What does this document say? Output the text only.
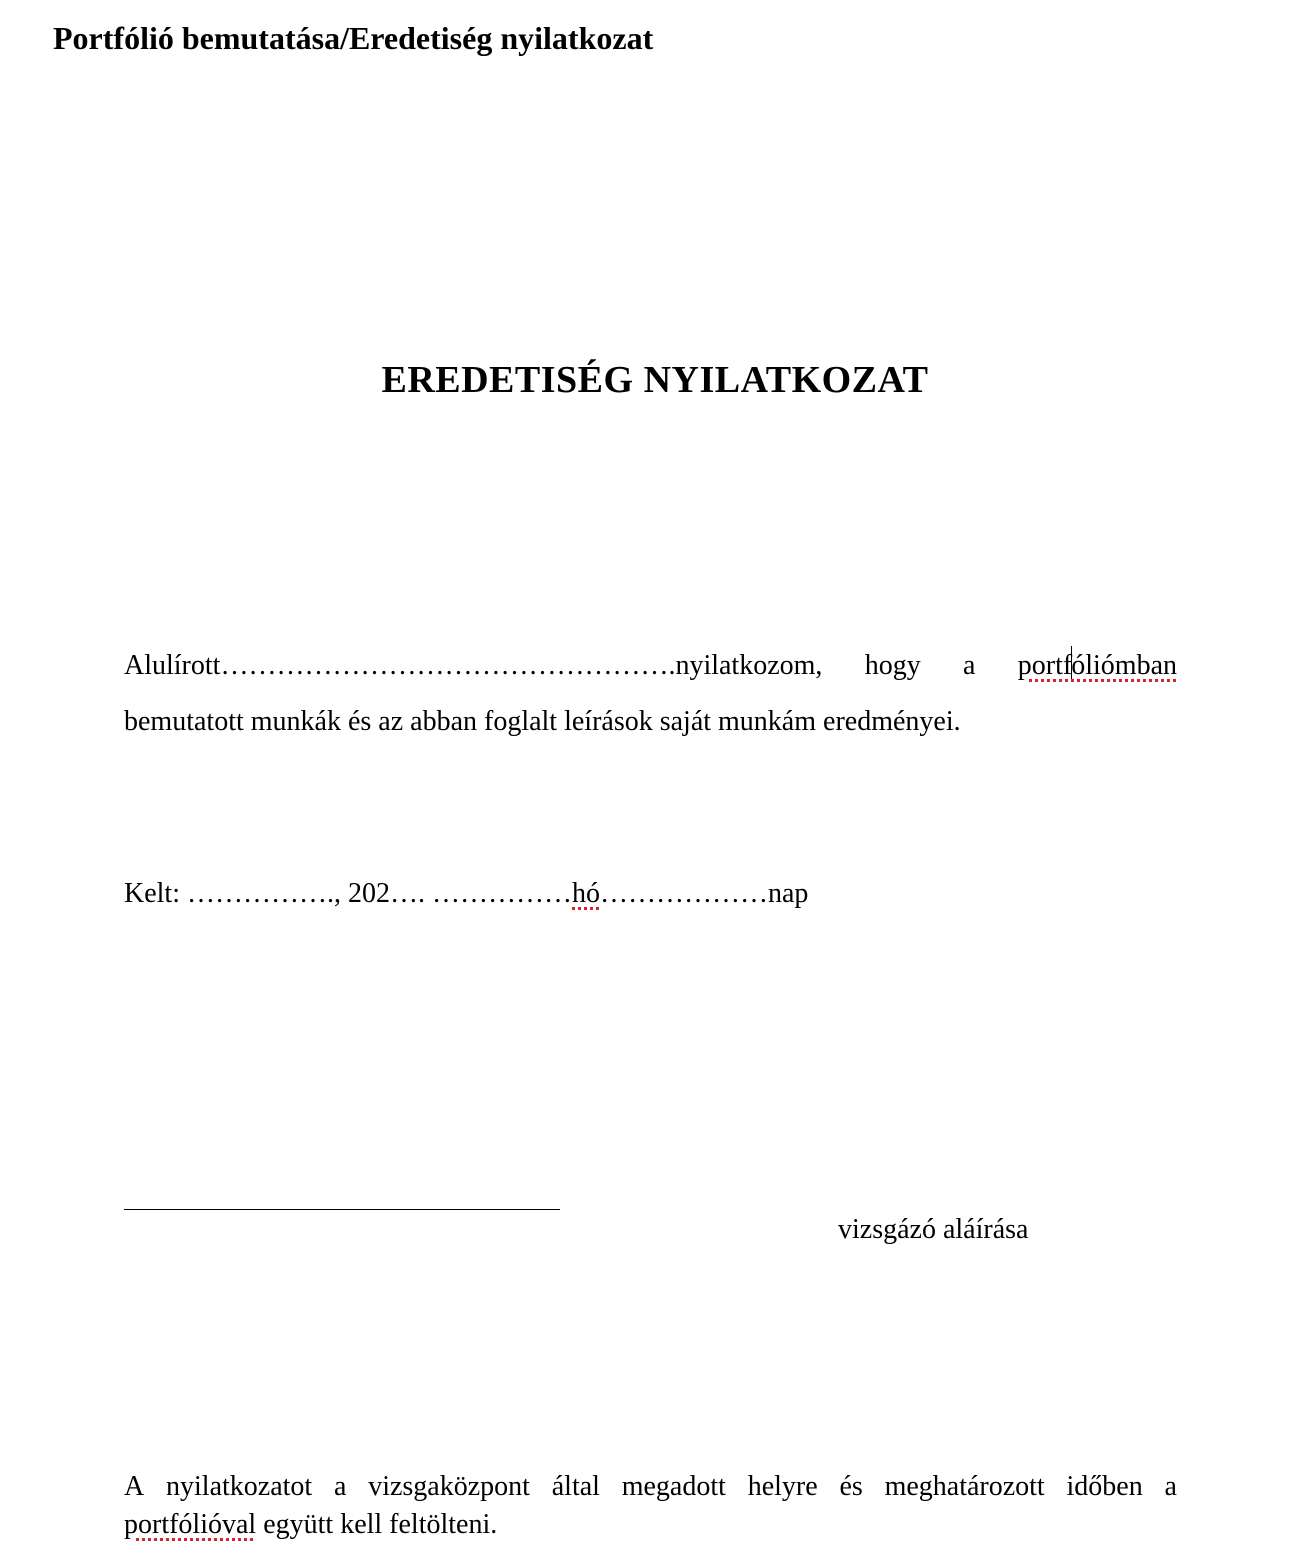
Portfólió bemutatása/Eredetiség nyilatkozat
EREDETISÉG NYILATKOZAT
Alulírott………………………………………….nyilatkozom, hogy a portfóliómban
bemutatott munkák és az abban foglalt leírások saját munkám eredményei.
Kelt: ……………., 202…. ……………hó………………nap
vizsgázó aláírása
A nyilatkozatot a vizsgaközpont által megadott helyre és meghatározott időben a
portfólióval együtt kell feltölteni.
